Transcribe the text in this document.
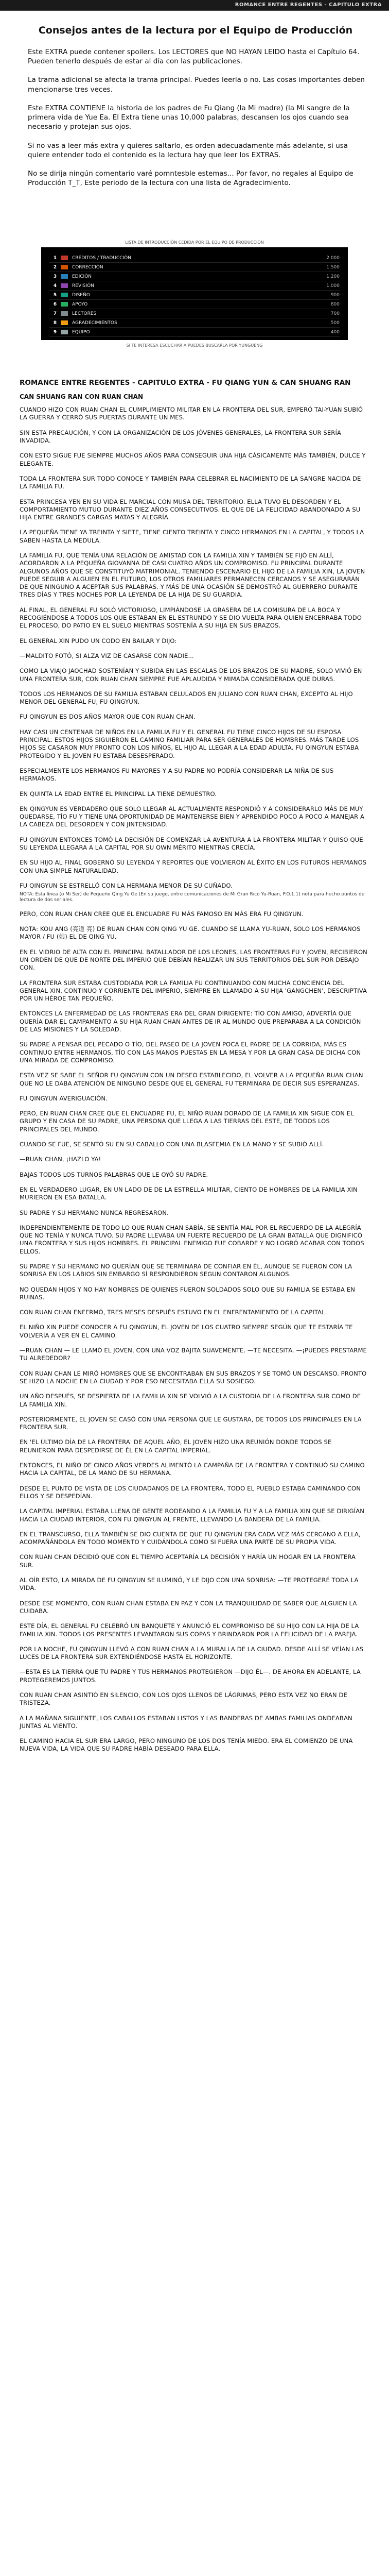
ROMANCE ENTRE REGENTES - CAPITULO EXTRA
Consejos antes de la lectura por el Equipo de Producción

Este EXTRA puede contener spoilers. Los LECTORES que NO HAYAN LEIDO hasta el Capítulo 64. Pueden tenerlo después de estar al día con las publicaciones.

La trama adicional se afecta la trama principal. Puedes leerla o no. Las cosas importantes deben mencionarse tres veces.

Este EXTRA CONTIENE la historia de los padres de Fu Qiang (la Mi madre) (la Mi sangre de la primera vida de Yue Ea. El Extra tiene unas 10,000 palabras, descansen los ojos cuando sea necesario y protejan sus ojos.

Si no vas a leer más extra y quieres saltarlo, es orden adecuadamente más adelante, si usa quiere entender todo el contenido es la lectura hay que leer los EXTRAS.

No se dirija ningún comentario varé pomntesble estemas... Por favor, no regales al Equipo de Producción T_T, Este periodo de la lectura con una lista de Agradecimiento.

LISTA DE INTRODUCCIÓN CEDIDA POR EL EQUIPO DE PRODUCCIÓN
1	CRÉDITOS / TRADUCCIÓN	2.000
2	CORRECCIÓN	1.500
3	EDICIÓN	1.200
4	REVISIÓN	1.000
5	DISEÑO	900
6	APOYO	800
7	LECTORES	700
8	AGRADECIMIENTOS	500
9	EQUIPO	400
SI TE INTERESA ESCUCHAR A PUEDES BUSCARLA POR YUNGUENG
ROMANCE ENTRE REGENTES - CAPITULO EXTRA - FU QIANG YUN & CAN SHUANG RAN
CAN SHUANG RAN CON RUAN CHAN

CUANDO HIZO CON RUAN CHAN EL CUMPLIMIENTO MILITAR EN LA FRONTERA DEL SUR, EMPERÓ TAI-YUAN SUBIÓ LA GUERRA Y CERRÓ SUS PUERTAS DURANTE UN MES.

SIN ESTA PRECAUCIÓN, Y CON LA ORGANIZACIÓN DE LOS JÓVENES GENERALES, LA FRONTERA SUR SERÍA INVADIDA.

CON ESTO SIGUE FUE SIEMPRE MUCHOS AÑOS PARA CONSEGUIR UNA HIJA CÁSICAMENTE MÁS TAMBIÉN, DULCE Y ELEGANTE.

TODA LA FRONTERA SUR TODO CONOCE Y TAMBIÉN PARA CELEBRAR EL NACIMIENTO DE LA SANGRE NACIDA DE LA FAMILIA FU.

ESTA PRINCESA YEN EN SU VIDA EL MARCIAL CON MUSA DEL TERRITORIO. ELLA TUVO EL DESORDEN Y EL COMPORTAMIENTO MUTUO DURANTE DIEZ AÑOS CONSECUTIVOS. EL QUE DE LA FELICIDAD ABANDONADO A SU HIJA ENTRE GRANDES CARGAS MATAS Y ALEGRÍA.

LA PEQUEÑA TIENE YA TREINTA Y SIETE, TIENE CIENTO TREINTA Y CINCO HERMANOS EN LA CAPITAL, Y TODOS LA SABEN HASTA LA MEDULA.

LA FAMILIA FU, QUE TENÍA UNA RELACIÓN DE AMISTAD CON LA FAMILIA XIN Y TAMBIÉN SE FIJÓ EN ALLÍ, ACORDARON A LA PEQUEÑA GIOVANNA DE CASI CUATRO AÑOS UN COMPROMISO. FU PRINCIPAL DURANTE ALGUNOS AÑOS QUE SE CONSTITUYÓ MATRIMONIAL. TENIENDO ESCENARIO EL HIJO DE LA FAMILIA XIN, LA JOVEN PUEDE SEGUIR A ALGUIEN EN EL FUTURO, LOS OTROS FAMILIARES PERMANECEN CERCANOS Y SE ASEGURARÁN DE QUE NINGUNO A ACEPTAR SUS PALABRAS. Y MÁS DE UNA OCASIÓN SE DEMOSTRÓ AL GUERRERO DURANTE TRES DÍAS Y TRES NOCHES POR LA LEYENDA DE LA HIJA DE SU GUARDIA.

AL FINAL, EL GENERAL FU SOLÓ VICTORIOSO, LIMPIÁNDOSE LA GRASERA DE LA COMISURA DE LA BOCA Y RECOGIÉNDOSE A TODOS LOS QUE ESTABAN EN EL ESTRUNDO Y SE DIO VUELTA PARA QUIEN ENCERRABA TODO EL PROCESO, DO PATIO EN EL SUELO MIENTRAS SOSTENÍA A SU HIJA EN SUS BRAZOS.

EL GENERAL XIN PUDO UN CODO EN BAILAR Y DIJO:

—MALDITO FOTÓ, SI ALZA VIZ DE CASARSE CON NADIE...

COMO LA VIAJO JAOCHAD SOSTENÍAN Y SUBIDA EN LAS ESCALAS DE LOS BRAZOS DE SU MADRE, SOLO VIVIÓ EN UNA FRONTERA SUR, CON RUAN CHAN SIEMPRE FUE APLAUDIDA Y MIMADA CONSIDERADA QUE DURAS.

TODOS LOS HERMANOS DE SU FAMILIA ESTABAN CELULADOS EN JULIANO CON RUAN CHAN, EXCEPTO AL HIJO MENOR DEL GENERAL FU, FU QINGYUN.

FU QINGYUN ES DOS AÑOS MAYOR QUE CON RUAN CHAN.

HAY CASI UN CENTENAR DE NIÑOS EN LA FAMILIA FU Y EL GENERAL FU TIENE CINCO HIJOS DE SU ESPOSA PRINCIPAL. ESTOS HIJOS SIGUIERON EL CAMINO FAMILIAR PARA SER GENERALES DE HOMBRES. MÁS TARDE LOS HIJOS SE CASARON MUY PRONTO CON LOS NIÑOS, EL HIJO AL LLEGAR A LA EDAD ADULTA. FU QINGYUN ESTABA PROTEGIDO Y EL JOVEN FU ESTABA DESESPERADO.

ESPECIALMENTE LOS HERMANOS FU MAYORES Y A SU PADRE NO PODRÍA CONSIDERAR LA NIÑA DE SUS HERMANOS.

EN QUINTA LA EDAD ENTRE EL PRINCIPAL LA TIENE DEMUESTRO.

EN QINGYUN ES VERDADERO QUE SOLO LLEGAR AL ACTUALMENTE RESPONDIÓ Y A CONSIDERARLO MÁS DE MUY QUEDARSE, TÍO FU Y TIENE UNA OPORTUNIDAD DE MANTENERSE BIEN Y APRENDIDO POCO A POCO A MANEJAR A LA CABEZA DEL DESORDEN Y CON JINTENSIDAD.

FU QINGYUN ENTONCES TOMÓ LA DECISIÓN DE COMENZAR LA AVENTURA A LA FRONTERA MILITAR Y QUISO QUE SU LEYENDA LLEGARA A LA CAPITAL POR SU OWN MÉRITO MIENTRAS CRECÍA.

EN SU HIJO AL FINAL GOBERNÓ SU LEYENDA Y REPORTES QUE VOLVIERON AL ÉXITO EN LOS FUTUROS HERMANOS CON UNA SIMPLE NATURALIDAD.

FU QINGYUN SE ESTRELLÓ CON LA HERMANA MENOR DE SU CUÑADO.

NOTA: Esta línea (o Mi Ser) de Pequeño Qing Yu Ge (En su juego, entre comunicaciones de Mi Gran Rico Yu-Ruan, P.O.1.1) nota para hecho puntos de lectura de dos seriales.

PERO, CON RUAN CHAN CREE QUE EL ENCUADRE FU MÁS FAMOSO EN MÁS ERA FU QINGYUN.

NOTA: KOU ANG (亮道 亮) DE RUAN CHAN CON QING YU GE. CUANDO SE LLAMA YU-RUAN, SOLO LOS HERMANOS MAYOR / FU (娘) EL DE QING YU.

EN EL VIDRIO DE ALTA CON EL PRINCIPAL BATALLADOR DE LOS LEONES, LAS FRONTERAS FU Y JOVEN, RECIBIERON UN ORDEN DE QUE DE NORTE DEL IMPERIO QUE DEBÍAN REALIZAR UN SUS TERRITORIOS DEL SUR POR DEBAJO CON.

LA FRONTERA SUR ESTABA CUSTODIADA POR LA FAMILIA FU CONTINUANDO CON MUCHA CONCIENCIA DEL GENERAL XIN, CONTINUO Y CORRIENTE DEL IMPERIO, SIEMPRE EN LLAMADO A SU HIJA 'GANGCHEN', DESCRIPTIVA POR UN HÉROE TAN PEQUEÑO.

ENTONCES LA ENFERMEDAD DE LAS FRONTERAS ERA DEL GRAN DIRIGENTE: TÍO CON AMIGO, ADVERTÍA QUE QUERÍA DAR EL CAMPAMENTO A SU HIJA RUAN CHAN ANTES DE IR AL MUNDO QUE PREPARABA A LA CONDICIÓN DE LAS MISIONES Y LA SOLEDAD.

SU PADRE A PENSAR DEL PECADO O TÍO, DEL PASEO DE LA JOVEN POCA EL PADRE DE LA CORRIDA, MÁS ES CONTINUO ENTRE HERMANOS, TÍO CON LAS MANOS PUESTAS EN LA MESA Y POR LA GRAN CASA DE DICHA CON UNA MIRADA DE COMPROMISO.

ESTA VEZ SE SABE EL SEÑOR FU QINGYUN CON UN DESEO ESTABLECIDO, EL VOLVER A LA PEQUEÑA RUAN CHAN QUE NO LE DABA ATENCIÓN DE NINGUNO DESDE QUE EL GENERAL FU TERMINARA DE DECIR SUS ESPERANZAS.

FU QINGYUN AVERIGUACIÓN.

PERO, EN RUAN CHAN CREE QUE EL ENCUADRE FU, EL NIÑO RUAN DORADO DE LA FAMILIA XIN SIGUE CON EL GRUPO Y EN CASA DE SU PADRE, UNA PERSONA QUE LLEGA A LAS TIERRAS DEL ESTE, DE TODOS LOS PRINCIPALES DEL MUNDO.

CUANDO SE FUE, SE SENTÓ SU EN SU CABALLO CON UNA BLASFEMIA EN LA MANO Y SE SUBIÓ ALLÍ.

—RUAN CHAN, ¡HAZLO YA!

BAJAS TODOS LOS TURNOS PALABRAS QUE LE OYÓ SU PADRE.

EN EL VERDADERO LUGAR, EN UN LADO DE DE LA ESTRELLA MILITAR, CIENTO DE HOMBRES DE LA FAMILIA XIN MURIERON EN ESA BATALLA.

SU PADRE Y SU HERMANO NUNCA REGRESARON.

INDEPENDIENTEMENTE DE TODO LO QUE RUAN CHAN SABÍA, SE SENTÍA MAL POR EL RECUERDO DE LA ALEGRÍA QUE NO TENÍA Y NUNCA TUVO. SU PADRE LLEVABA UN FUERTE RECUERDO DE LA GRAN BATALLA QUE DIGNIFICÓ UNA FRONTERA Y SUS HIJOS HOMBRES. EL PRINCIPAL ENEMIGO FUE COBARDE Y NO LOGRÓ ACABAR CON TODOS ELLOS.

SU PADRE Y SU HERMANO NO QUERÍAN QUE SE TERMINARA DE CONFIAR EN ÉL, AUNQUE SE FUERON CON LA SONRISA EN LOS LABIOS SIN EMBARGO SÍ RESPONDIERON SEGUN CONTARON ALGUNOS.

NO QUEDAN HIJOS Y NO HAY NOMBRES DE QUIENES FUERON SOLDADOS SOLO QUE SU FAMILIA SE ESTABA EN RUINAS.

CON RUAN CHAN ENFERMÓ, TRES MESES DESPUÉS ESTUVO EN EL ENFRENTAMIENTO DE LA CAPITAL.

EL NIÑO XIN PUEDE CONOCER A FU QINGYUN, EL JOVEN DE LOS CUATRO SIEMPRE SEGÚN QUE TE ESTARÍA TE VOLVERÍA A VER EN EL CAMINO.

—RUAN CHAN — LE LLAMÓ EL JOVEN, CON UNA VOZ BAJITA SUAVEMENTE. —TE NECESITA. —¡PUEDES PRESTARME TU ALREDEDOR?

CON RUAN CHAN LE MIRÓ HOMBRES QUE SE ENCONTRABAN EN SUS BRAZOS Y SE TOMÓ UN DESCANSO. PRONTO SE HIZO LA NOCHE EN LA CIUDAD Y POR ESO NECESITABA ELLA SU SOSIEGO.

UN AÑO DESPUÉS, SE DESPIERTA DE LA FAMILIA XIN SE VOLVIÓ A LA CUSTODIA DE LA FRONTERA SUR COMO DE LA FAMILIA XIN.

POSTERIORMENTE, EL JOVEN SE CASÓ CON UNA PERSONA QUE LE GUSTARA, DE TODOS LOS PRINCIPALES EN LA FRONTERA SUR.

EN 'EL ÚLTIMO DÍA DE LA FRONTERA' DE AQUEL AÑO, EL JOVEN HIZO UNA REUNIÓN DONDE TODOS SE REUNIERON PARA DESPEDIRSE DE ÉL EN LA CAPITAL IMPERIAL.

ENTONCES, EL NIÑO DE CINCO AÑOS VERDES ALIMENTÓ LA CAMPAÑA DE LA FRONTERA Y CONTINUÓ SU CAMINO HACIA LA CAPITAL, DE LA MANO DE SU HERMANA.

DESDE EL PUNTO DE VISTA DE LOS CIUDADANOS DE LA FRONTERA, TODO EL PUEBLO ESTABA CAMINANDO CON ELLOS Y SE DESPEDÍAN.

LA CAPITAL IMPERIAL ESTABA LLENA DE GENTE RODEANDO A LA FAMILIA FU Y A LA FAMILIA XIN QUE SE DIRIGÍAN HACIA LA CIUDAD INTERIOR, CON FU QINGYUN AL FRENTE, LLEVANDO LA BANDERA DE LA FAMILIA.

EN EL TRANSCURSO, ELLA TAMBIÉN SE DIO CUENTA DE QUE FU QINGYUN ERA CADA VEZ MÁS CERCANO A ELLA, ACOMPAÑÁNDOLA EN TODO MOMENTO Y CUIDÁNDOLA COMO SI FUERA UNA PARTE DE SU PROPIA VIDA.

CON RUAN CHAN DECIDIÓ QUE CON EL TIEMPO ACEPTARÍA LA DECISIÓN Y HARÍA UN HOGAR EN LA FRONTERA SUR.

AL OÍR ESTO, LA MIRADA DE FU QINGYUN SE ILUMINÓ, Y LE DIJO CON UNA SONRISA: —TE PROTEGERÉ TODA LA VIDA.

DESDE ESE MOMENTO, CON RUAN CHAN ESTABA EN PAZ Y CON LA TRANQUILIDAD DE SABER QUE ALGUIEN LA CUIDABA.

ESTE DÍA, EL GENERAL FU CELEBRÓ UN BANQUETE Y ANUNCIÓ EL COMPROMISO DE SU HIJO CON LA HIJA DE LA FAMILIA XIN. TODOS LOS PRESENTES LEVANTARON SUS COPAS Y BRINDARON POR LA FELICIDAD DE LA PAREJA.

POR LA NOCHE, FU QINGYUN LLEVÓ A CON RUAN CHAN A LA MURALLA DE LA CIUDAD. DESDE ALLÍ SE VEÍAN LAS LUCES DE LA FRONTERA SUR EXTENDIÉNDOSE HASTA EL HORIZONTE.

—ESTA ES LA TIERRA QUE TU PADRE Y TUS HERMANOS PROTEGIERON —DIJO ÉL—. DE AHORA EN ADELANTE, LA PROTEGEREMOS JUNTOS.

CON RUAN CHAN ASINTIÓ EN SILENCIO, CON LOS OJOS LLENOS DE LÁGRIMAS, PERO ESTA VEZ NO ERAN DE TRISTEZA.

A LA MAÑANA SIGUIENTE, LOS CABALLOS ESTABAN LISTOS Y LAS BANDERAS DE AMBAS FAMILIAS ONDEABAN JUNTAS AL VIENTO.

EL CAMINO HACIA EL SUR ERA LARGO, PERO NINGUNO DE LOS DOS TENÍA MIEDO. ERA EL COMIENZO DE UNA NUEVA VIDA, LA VIDA QUE SU PADRE HABÍA DESEADO PARA ELLA.
